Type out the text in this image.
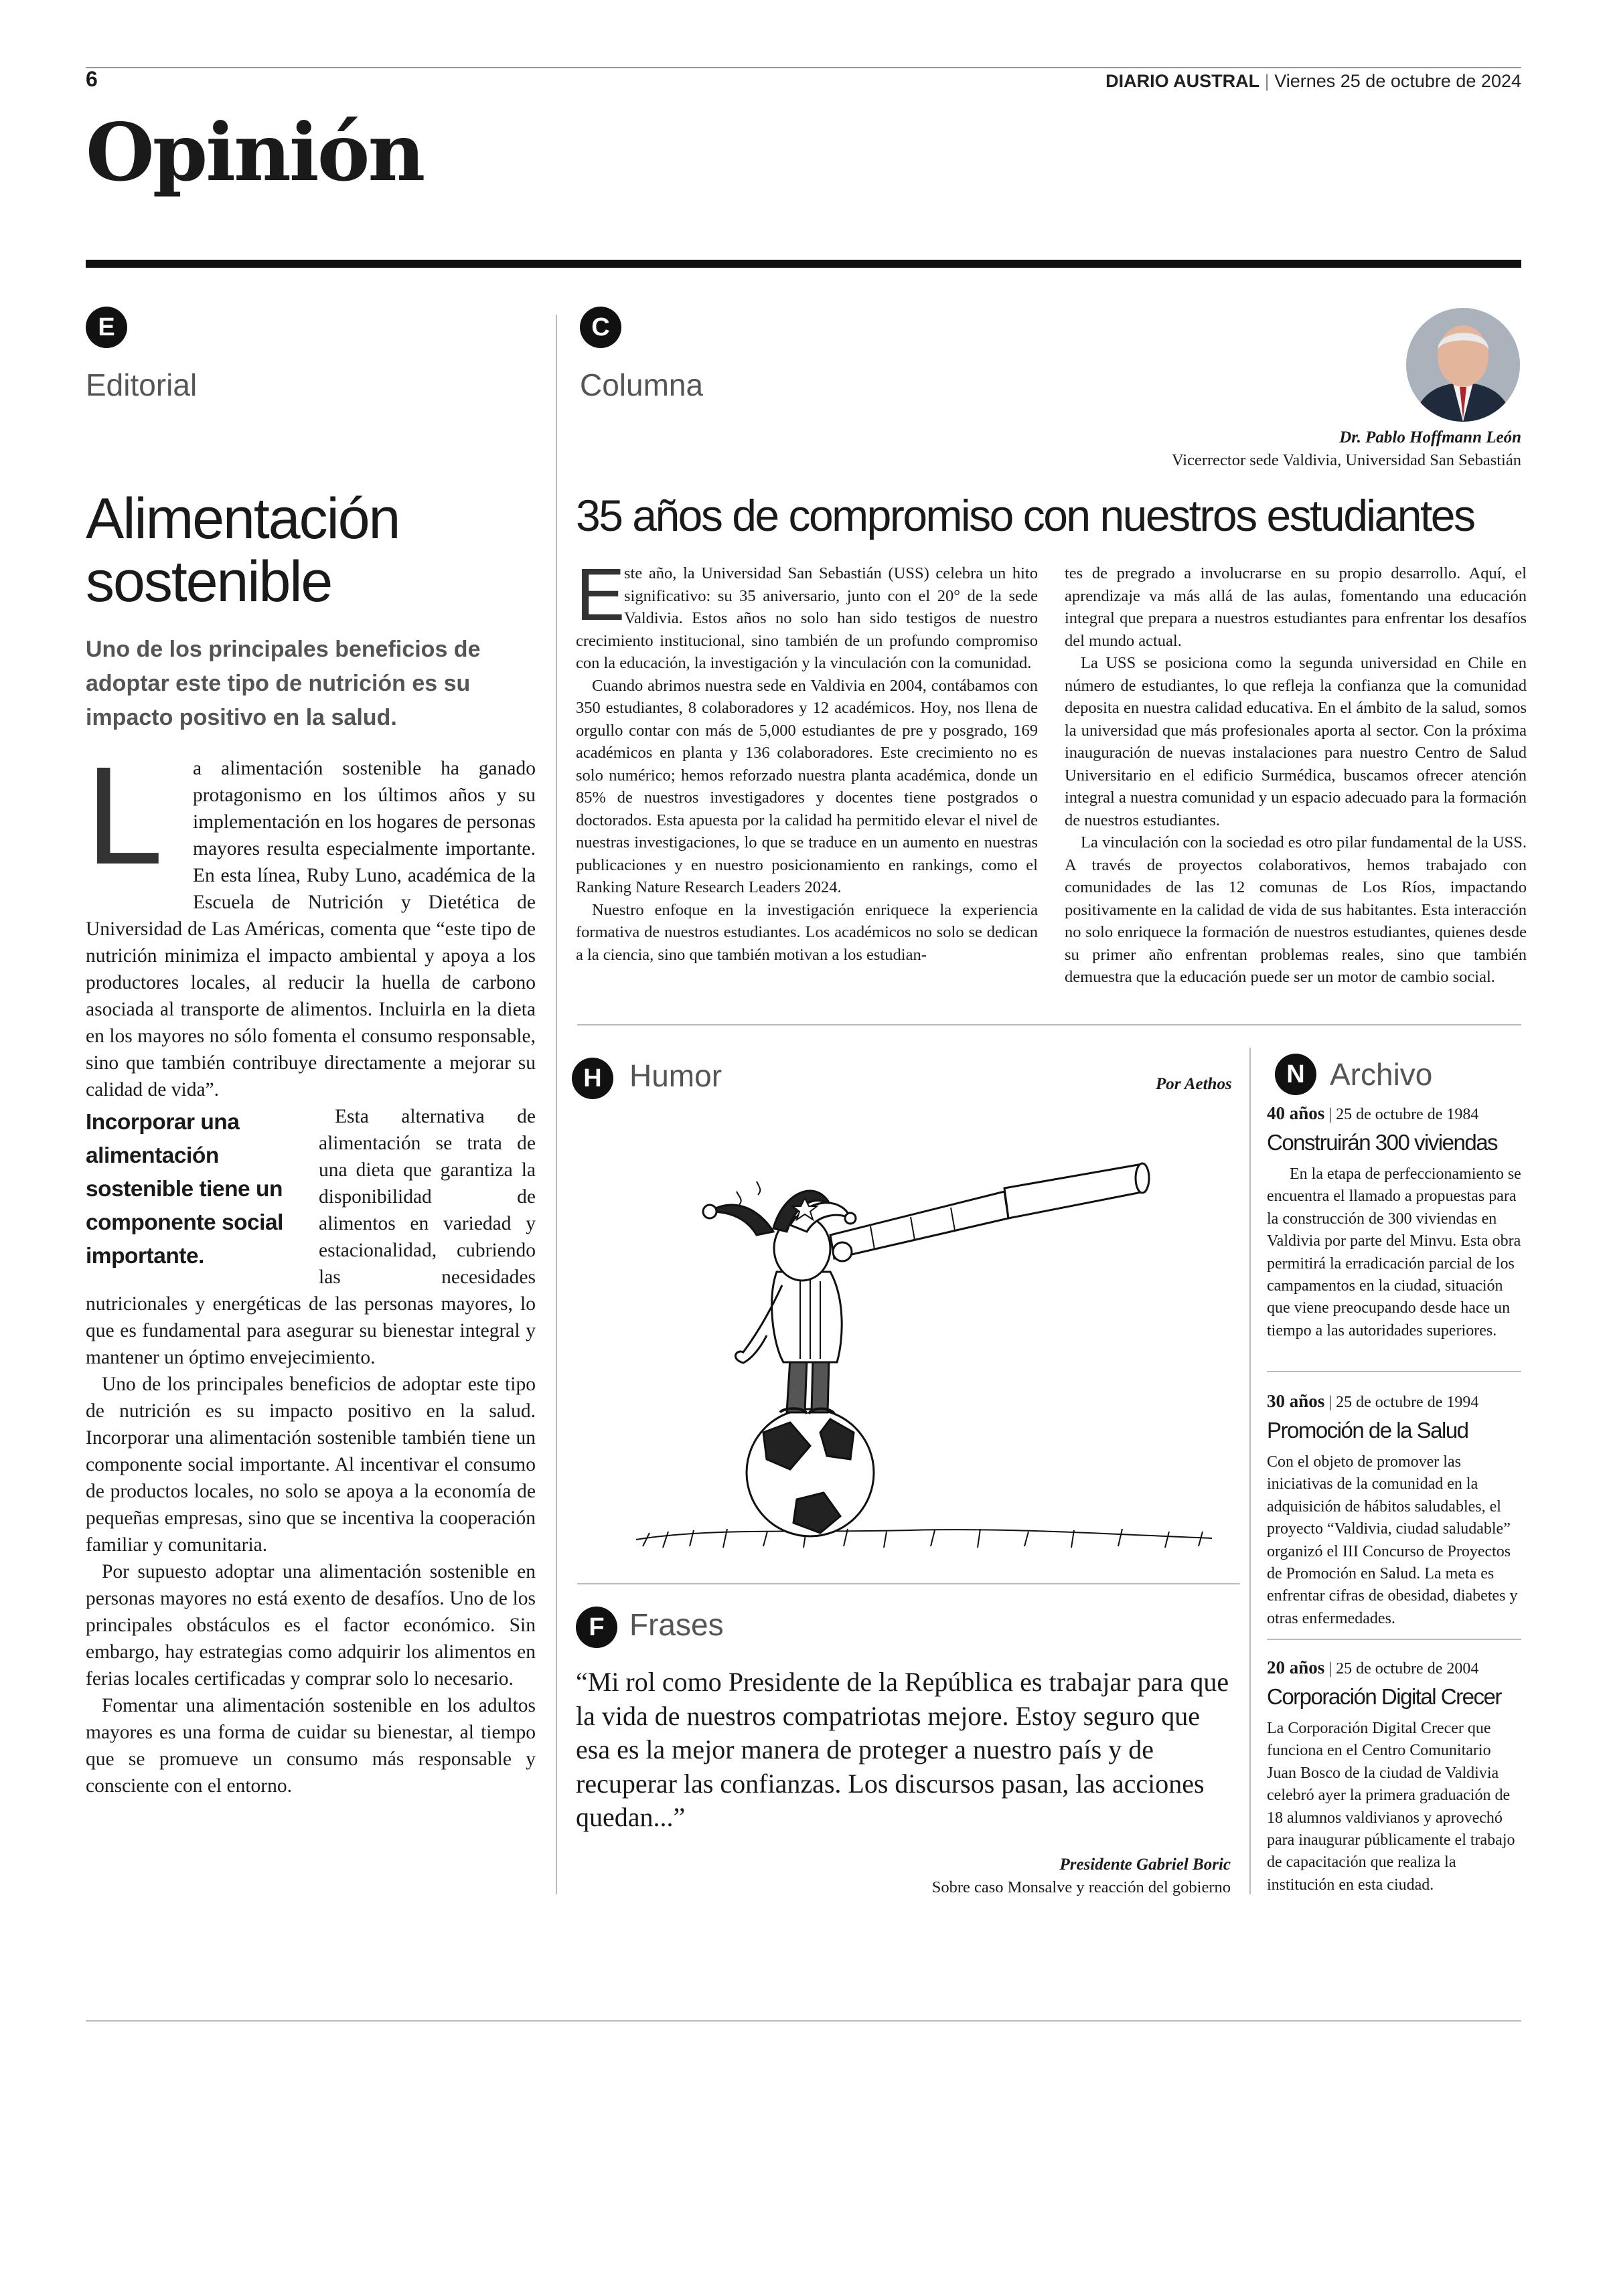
6	DIARIO AUSTRAL | Viernes 25 de octubre de 2024
Opinión
E
Editorial
Alimentación sostenible
Uno de los principales beneficios de adoptar este tipo de nutrición es su impacto positivo en la salud.
L	a alimentación sostenible ha ganado protagonismo en los últimos años y su implementación en los hogares de personas mayores resulta especialmente importante. En esta línea, Ruby Luno, académica de la Escuela de Nutrición y Dietética de Universidad de Las Américas, comenta que “este tipo de nutrición minimiza el impacto ambiental y apoya a los productores locales, al reducir la huella de carbono asociada al transporte de alimentos. Incluirla en la dieta en los mayores no sólo fomenta el consumo responsable, sino que también contribuye directamente a mejorar su calidad de vida”.

Incorporar una alimentación sostenible tiene un componente social importante.

Esta alternativa de alimentación se trata de una dieta que garantiza la disponibilidad de alimentos en variedad y estacionalidad, cubriendo las necesidades nutricionales y energéticas de las personas mayores, lo que es fundamental para asegurar su bienestar integral y mantener un óptimo envejecimiento.

Uno de los principales beneficios de adoptar este tipo de nutrición es su impacto positivo en la salud. Incorporar una alimentación sostenible también tiene un componente social importante. Al incentivar el consumo de productos locales, no solo se apoya a la economía de pequeñas empresas, sino que se incentiva la cooperación familiar y comunitaria.

Por supuesto adoptar una alimentación sostenible en personas mayores no está exento de desafíos. Uno de los principales obstáculos es el factor económico. Sin embargo, hay estrategias como adquirir los alimentos en ferias locales certificadas y comprar solo lo necesario.

Fomentar una alimentación sostenible en los adultos mayores es una forma de cuidar su bienestar, al tiempo que se promueve un consumo más responsable y consciente con el entorno.

C
Columna
Dr. Pablo Hoffmann León
Vicerrector sede Valdivia, Universidad San Sebastián
35 años de compromiso con nuestros estudiantes
E

ste año, la Universidad San Sebastián (USS) celebra un hito significativo: su 35 aniversario, junto con el 20° de la sede Valdivia. Estos años no solo han sido testigos de nuestro crecimiento institucional, sino también de un profundo compromiso con la educación, la investigación y la vinculación con la comunidad.

Cuando abrimos nuestra sede en Valdivia en 2004, contábamos con 350 estudiantes, 8 colaboradores y 12 académicos. Hoy, nos llena de orgullo contar con más de 5,000 estudiantes de pre y posgrado, 169 académicos en planta y 136 colaboradores. Este crecimiento no es solo numérico; hemos reforzado nuestra planta académica, donde un 85% de nuestros investigadores y docentes tiene postgrados o doctorados. Esta apuesta por la calidad ha permitido elevar el nivel de nuestras investigaciones, lo que se traduce en un aumento en nuestras publicaciones y en nuestro posicionamiento en rankings, como el Ranking Nature Research Leaders 2024.

Nuestro enfoque en la investigación enriquece la experiencia formativa de nuestros estudiantes. Los académicos no solo se dedican a la ciencia, sino que también motivan a los estudian-

tes de pregrado a involucrarse en su propio desarrollo. Aquí, el aprendizaje va más allá de las aulas, fomentando una educación integral que prepara a nuestros estudiantes para enfrentar los desafíos del mundo actual.

La USS se posiciona como la segunda universidad en Chile en número de estudiantes, lo que refleja la confianza que la comunidad deposita en nuestra calidad educativa. En el ámbito de la salud, somos la universidad que más profesionales aporta al sector. Con la próxima inauguración de nuevas instalaciones para nuestro Centro de Salud Universitario en el edificio Surmédica, buscamos ofrecer atención integral a nuestra comunidad y un espacio adecuado para la formación de nuestros estudiantes.

La vinculación con la sociedad es otro pilar fundamental de la USS. A través de proyectos colaborativos, hemos trabajado con comunidades de las 12 comunas de Los Ríos, impactando positivamente en la calidad de vida de sus habitantes. Esta interacción no solo enriquece la formación de nuestros estudiantes, quienes desde su primer año enfrentan problemas reales, sino que también demuestra que la educación puede ser un motor de cambio social.

H Humor	Por Aethos
F Frases
“Mi rol como Presidente de la República es trabajar para que la vida de nuestros compatriotas mejore. Estoy seguro que esa es la mejor manera de proteger a nuestro país y de recuperar las confianzas. Los discursos pasan, las acciones quedan...”
Presidente Gabriel Boric
Sobre caso Monsalve y reacción del gobierno
N Archivo
40 años | 25 de octubre de 1984
Construirán 300 viviendas
En la etapa de perfeccionamiento se encuentra el llamado a propuestas para la construcción de 300 viviendas en Valdivia por parte del Minvu. Esta obra permitirá la erradicación parcial de los campamentos en la ciudad, situación que viene preocupando desde hace un tiempo a las autoridades superiores.
30 años | 25 de octubre de 1994
Promoción de la Salud
Con el objeto de promover las iniciativas de la comunidad en la adquisición de hábitos saludables, el proyecto “Valdivia, ciudad saludable” organizó el III Concurso de Proyectos de Promoción en Salud. La meta es enfrentar cifras de obesidad, diabetes y otras enfermedades.
20 años | 25 de octubre de 2004
Corporación Digital Crecer
La Corporación Digital Crecer que funciona en el Centro Comunitario Juan Bosco de la ciudad de Valdivia celebró ayer la primera graduación de 18 alumnos valdivianos y aprovechó para inaugurar públicamente el trabajo de capacitación que realiza la institución en esta ciudad.
